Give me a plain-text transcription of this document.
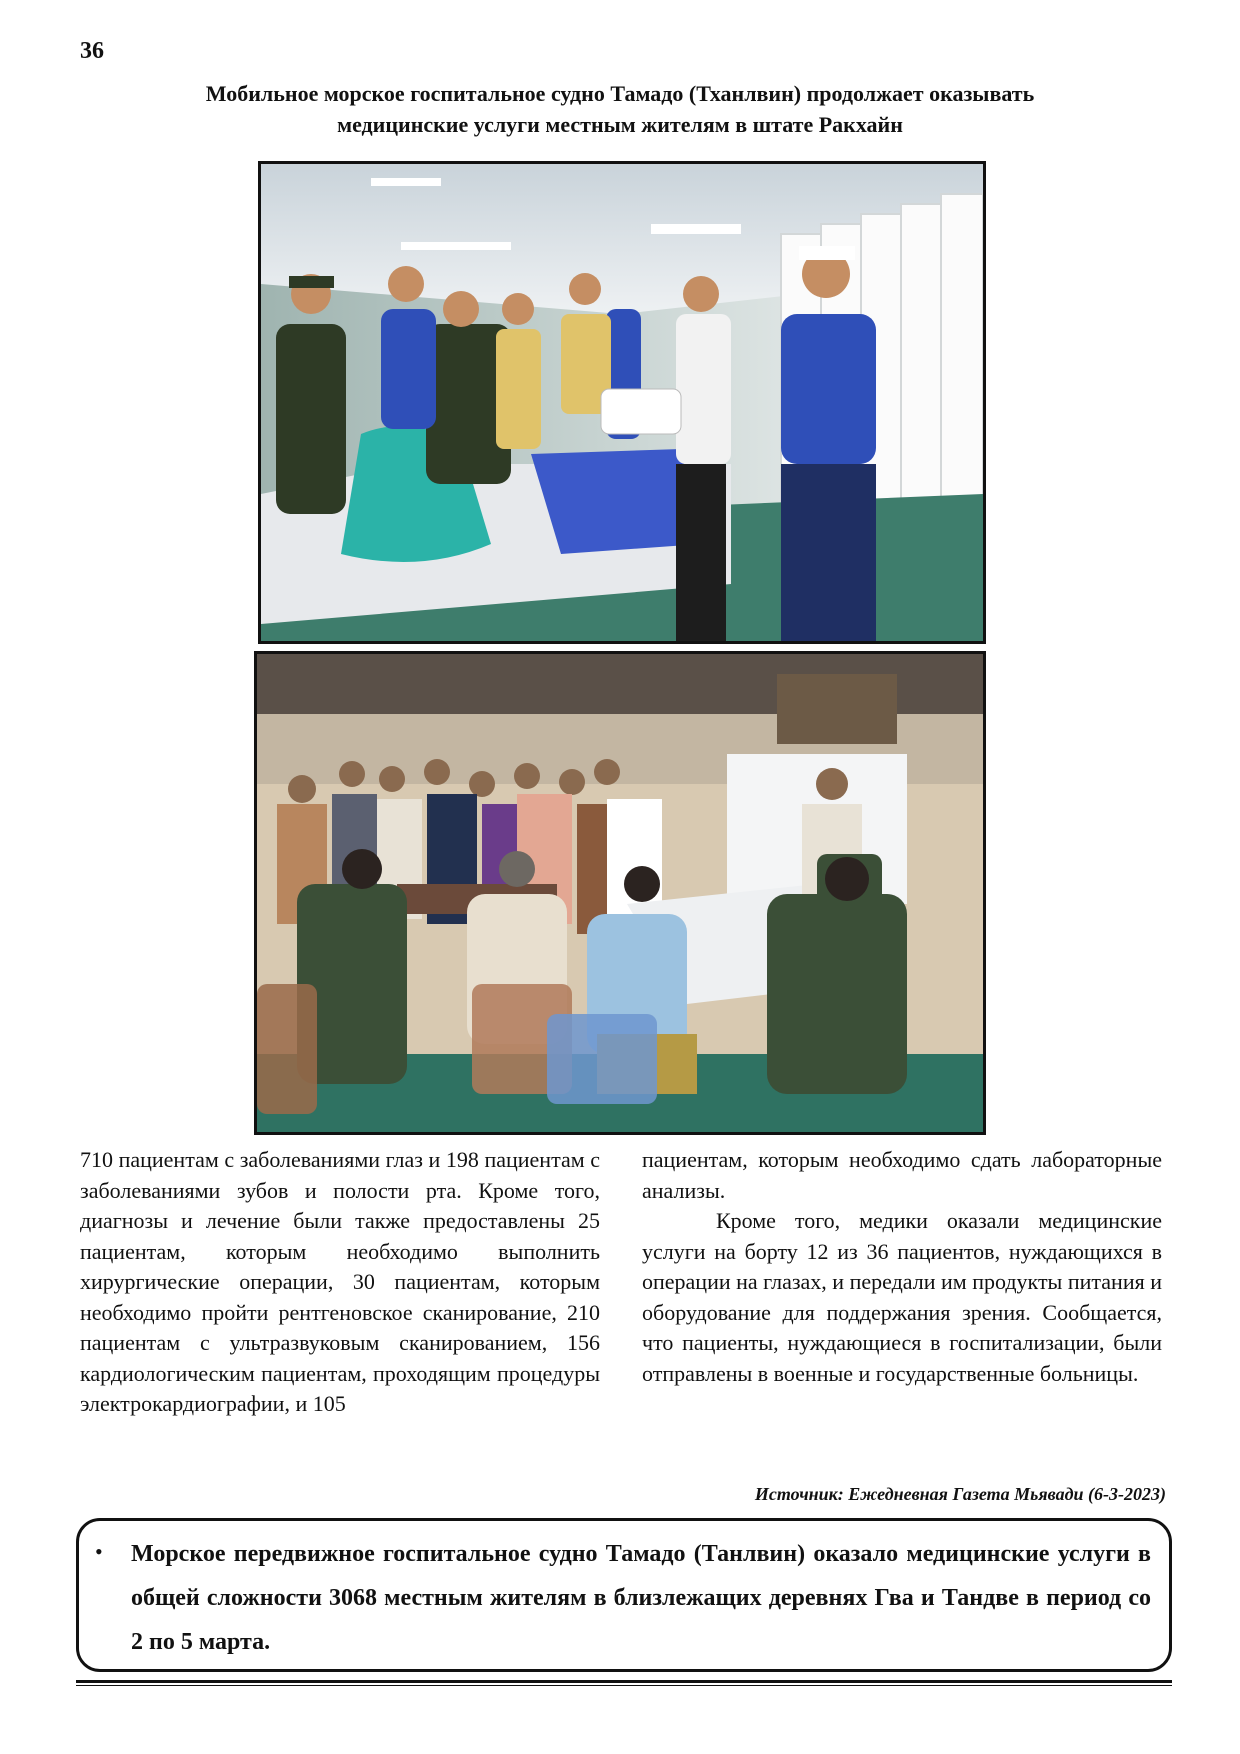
36
Мобильное морское госпитальное судно Тамадо (Тханлвин) продолжает оказывать
медицинские услуги местным жителям в штате Ракхайн

710 пациентам с заболеваниями глаз и 198 пациентам с заболеваниями зубов и полости рта. Кроме того, диагнозы и лечение были также предоставлены 25 пациентам, которым необходимо выполнить хирургические операции, 30 пациентам, которым необходимо пройти рентгеновское сканирование, 210 пациентам с ультразвуковым сканированием, 156 кардиологическим пациентам, проходящим процедуры электрокардиографии, и 105

пациентам, которым необходимо сдать лабораторные анализы.

Кроме того, медики оказали медицинские услуги на борту 12 из 36 пациентов, нуждающихся в операции на глазах, и передали им продукты питания и оборудование для поддержания зрения. Сообщается, что пациенты, нуждающиеся в госпитализации, были отправлены в военные и государственные больницы.

Источник: Ежедневная Газета Мьявади (6-3-2023)
• Морское передвижное госпитальное судно Тамадо (Танлвин) оказало медицинские услуги в общей сложности 3068 местным жителям в близлежащих деревнях Гва и Тандве в период со 2 по 5 марта.
